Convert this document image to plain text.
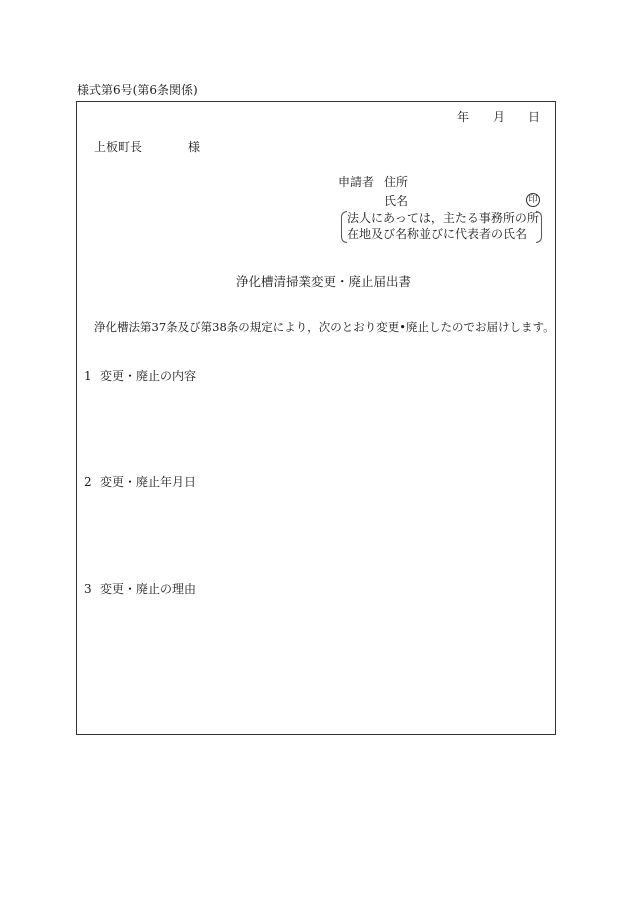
様式第6号(第6条関係)
年 月 日
上板町長	様
申請者 住所
氏名	印
法人にあっては，主たる事務所の所
在地及び名称並びに代表者の氏名
浄化槽清掃業変更・廃止届出書
浄化槽法第37条及び第38条の規定により，次のとおり変更•廃止したのでお届けします。
1 変更・廃止の内容
2 変更・廃止年月日
3 変更・廃止の理由
